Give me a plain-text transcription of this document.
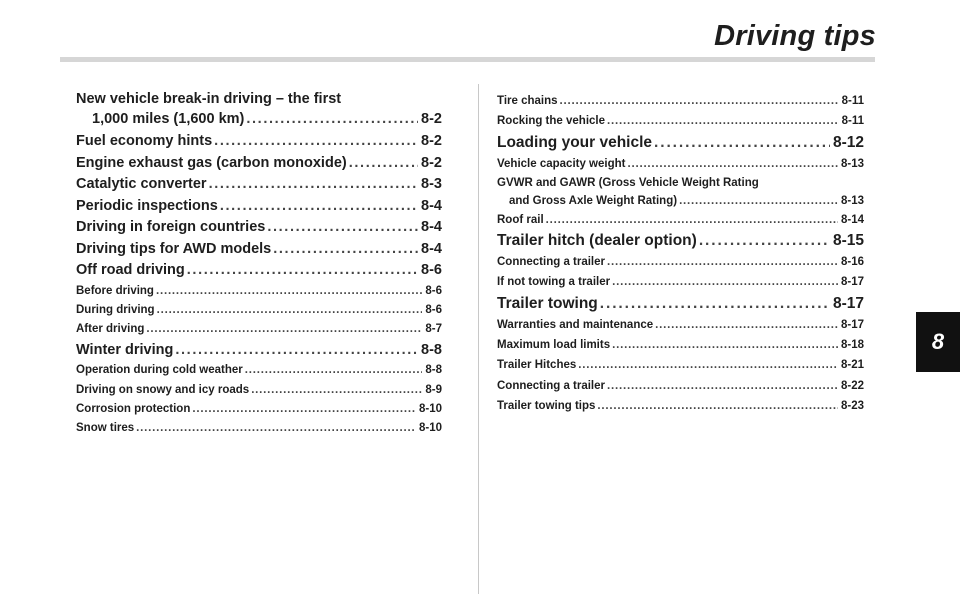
Driving tips
8
New vehicle break-in driving – the first
1,000 miles (1,600 km) . . .	8-2
Fuel economy hints . . .	8-2
Engine exhaust gas (carbon monoxide) . . .	8-2
Catalytic converter . . .	8-3
Periodic inspections . . .	8-4
Driving in foreign countries . . .	8-4
Driving tips for AWD models . . .	8-4
Off road driving . . .	8-6
Before driving . . .	8-6
During driving . . .	8-6
After driving . . .	8-7
Winter driving . . .	8-8
Operation during cold weather . . .	8-8
Driving on snowy and icy roads . . .	8-9
Corrosion protection . . .	8-10
Snow tires . . .	8-10
Tire chains . . .	8-11
Rocking the vehicle . . .	8-11
Loading your vehicle . . .	8-12
Vehicle capacity weight . . .	8-13
GVWR and GAWR (Gross Vehicle Weight Rating
and Gross Axle Weight Rating) . . .	8-13
Roof rail . . .	8-14
Trailer hitch (dealer option) . . .	8-15
Connecting a trailer . . .	8-16
If not towing a trailer . . .	8-17
Trailer towing . . .	8-17
Warranties and maintenance . . .	8-17
Maximum load limits . . .	8-18
Trailer Hitches . . .	8-21
Connecting a trailer . . .	8-22
Trailer towing tips . . .	8-23
